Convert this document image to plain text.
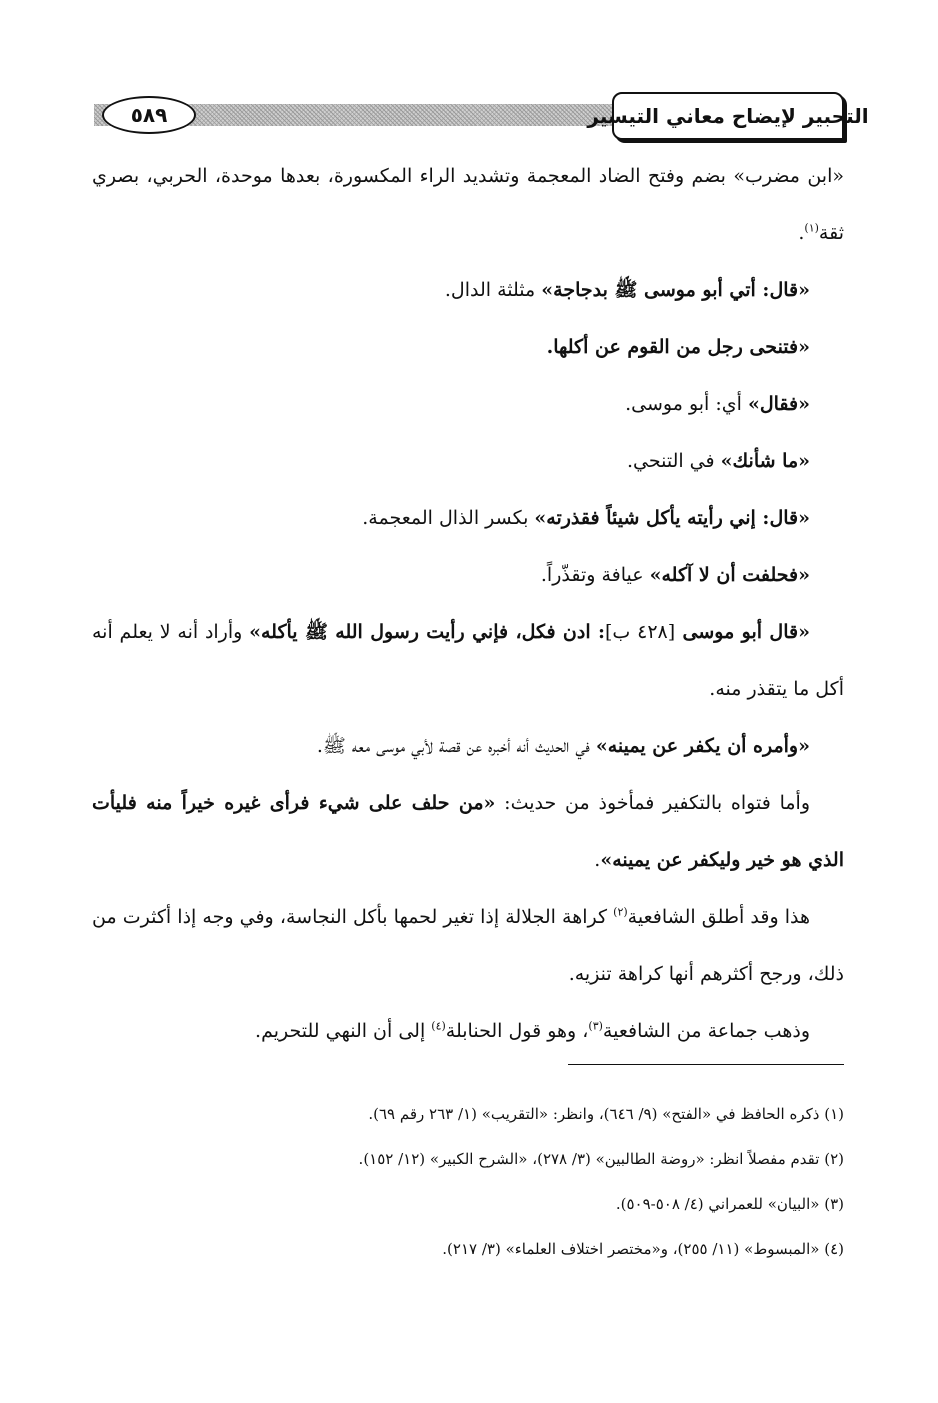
التحبير لإيضاح معاني التيسير
٥٨٩

«ابن مضرب» بضم وفتح الضاد المعجمة وتشديد الراء المكسورة، بعدها موحدة، الحربي، بصري ثقة$^{(١)}$.

«قال: أتي أبو موسى ﷺ بدجاجة» مثلثة الدال.

«فتنحى رجل من القوم عن أكلها.

«فقال» أي: أبو موسى.

«ما شأنك» في التنحي.

«قال: إني رأيته يأكل شيئاً فقذرته» بكسر الذال المعجمة.

«فحلفت أن لا آكله» عيافة وتقذّراً.

«قال أبو موسى [٤٢٨ ب]: ادن فكل، فإني رأيت رسول الله ﷺ يأكله» وأراد أنه لا يعلم أنه أكل ما يتقذر منه.

«وأمره أن يكفر عن يمينه» في الحديث أنه أخبره عن قصة لأبي موسى معه ﷺ.

وأما فتواه بالتكفير فمأخوذ من حديث: «من حلف على شيء فرأى غيره خيراً منه فليأت الذي هو خير وليكفر عن يمينه».

هذا وقد أطلق الشافعية$^{(٢)}$ كراهة الجلالة إذا تغير لحمها بأكل النجاسة، وفي وجه إذا أكثرت من ذلك، ورجح أكثرهم أنها كراهة تنزيه.

وذهب جماعة من الشافعية$^{(٣)}$، وهو قول الحنابلة$^{(٤)}$ إلى أن النهي للتحريم.

(١) ذكره الحافظ في «الفتح» (٩/ ٦٤٦)، وانظر: «التقريب» (١/ ٢٦٣ رقم ٦٩).

(٢) تقدم مفصلاً انظر: «روضة الطالبين» (٣/ ٢٧٨)، «الشرح الكبير» (١٢/ ١٥٢).

(٣) «البيان» للعمراني (٤/ ٥٠٨-٥٠٩).

(٤) «المبسوط» (١١/ ٢٥٥)، و«مختصر اختلاف العلماء» (٣/ ٢١٧).
